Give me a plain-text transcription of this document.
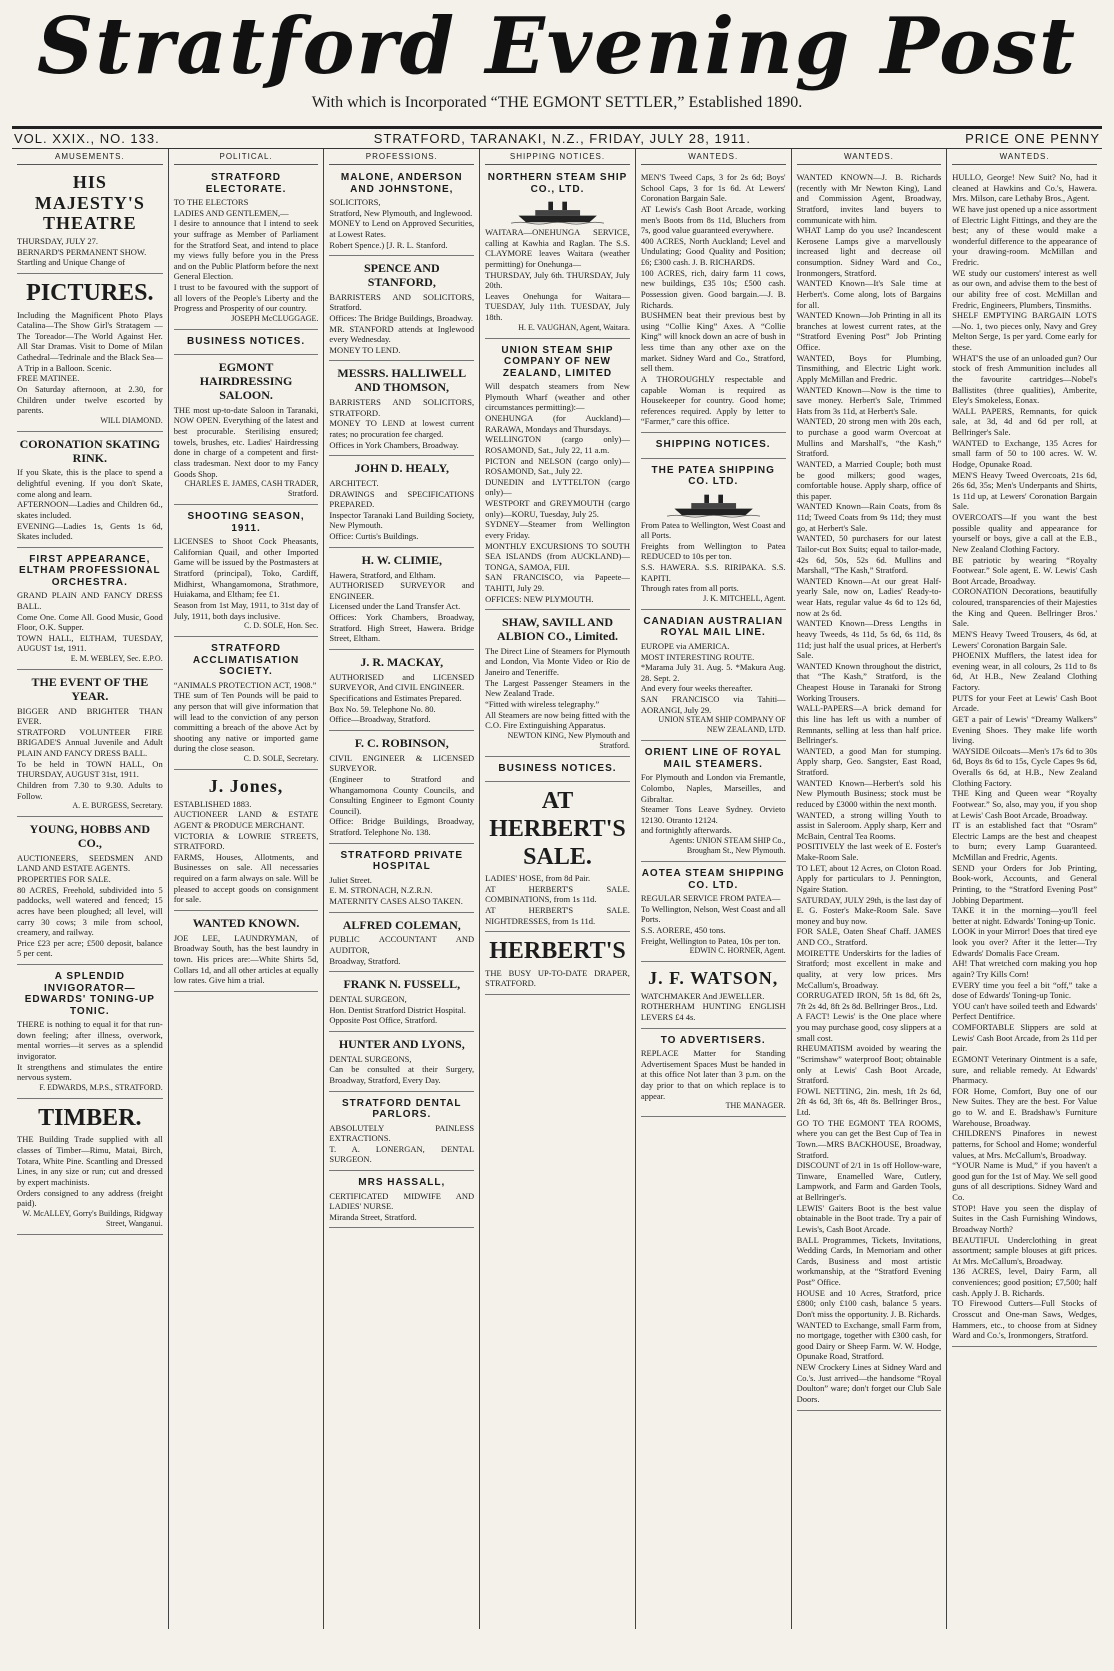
Stratford Evening Post
With which is Incorporated “THE EGMONT SETTLER,” Established 1890.
VOL. XXIX., NO. 133.	STRATFORD, TARANAKI, N.Z., FRIDAY, JULY 28, 1911.	PRICE ONE PENNY
AMUSEMENTS.
HIS MAJESTY'S THEATRE

THURSDAY, JULY 27.

BERNARD'S PERMANENT SHOW.

Startling and Unique Change of

PICTURES.

Including the Magnificent Photo Plays Catalina—The Show Girl's Stratagem —The Toreador—The World Against Her. All Star Dramas. Visit to Dome of Milan Cathedral—Tedrinale and the Black Sea—A Trip in a Balloon. Scenic.

FREE MATINEE.

On Saturday afternoon, at 2.30, for Children under twelve escorted by parents.

WILL DIAMOND.
CORONATION SKATING RINK.

If you Skate, this is the place to spend a delightful evening. If you don't Skate, come along and learn.

AFTERNOON—Ladies and Children 6d., skates included.

EVENING—Ladies 1s, Gents 1s 6d, Skates included.

FIRST APPEARANCE, ELTHAM PROFESSIONAL ORCHESTRA.

GRAND PLAIN AND FANCY DRESS BALL.

Come One. Come All. Good Music, Good Floor, O.K. Supper.

TOWN HALL, ELTHAM, TUESDAY, AUGUST 1st, 1911.

E. M. WEBLEY, Sec. E.P.O.
THE EVENT OF THE YEAR.

BIGGER AND BRIGHTER THAN EVER.

STRATFORD VOLUNTEER FIRE BRIGADE'S Annual Juvenile and Adult PLAIN AND FANCY DRESS BALL.

To be held in TOWN HALL, On THURSDAY, AUGUST 31st, 1911.

Children from 7.30 to 9.30. Adults to Follow.

A. E. BURGESS, Secretary.
YOUNG, HOBBS AND CO.,

AUCTIONEERS, SEEDSMEN AND LAND AND ESTATE AGENTS.

PROPERTIES FOR SALE.

80 ACRES, Freehold, subdivided into 5 paddocks, well watered and fenced; 15 acres have been ploughed; all level, will carry 30 cows; 3 mile from school, creamery, and railway.

Price £23 per acre; £500 deposit, balance 5 per cent.

A SPLENDID INVIGORATOR— EDWARDS' TONING-UP TONIC.

THERE is nothing to equal it for that run-down feeling; after illness, overwork, mental worries—it serves as a splendid invigorator.

It strengthens and stimulates the entire nervous system.

F. EDWARDS, M.P.S., STRATFORD.
TIMBER.

THE Building Trade supplied with all classes of Timber—Rimu, Matai, Birch, Totara, White Pine. Scantling and Dressed Lines, in any size or run; cut and dressed by expert machinists.

Orders consigned to any address (freight paid).

W. McALLEY, Gorry's Buildings, Ridgway Street, Wanganui.
POLITICAL.
STRATFORD ELECTORATE.

TO THE ELECTORS

LADIES AND GENTLEMEN,—

I desire to announce that I intend to seek your suffrage as Member of Parliament for the Stratford Seat, and intend to place my views fully before you in the Press and on the Public Platform before the next General Election.

I trust to be favoured with the support of all lovers of the People's Liberty and the Progress and Prosperity of our country.

JOSEPH McCLUGGAGE.
BUSINESS NOTICES.
EGMONT HAIRDRESSING SALOON.

THE most up-to-date Saloon in Taranaki, NOW OPEN. Everything of the latest and best procurable. Sterilising ensured; towels, brushes, etc. Ladies' Hairdressing done in charge of a competent and first-class tradesman. Next door to my Fancy Goods Shop.

CHARLES E. JAMES, CASH TRADER, Stratford.
SHOOTING SEASON, 1911.

LICENSES to Shoot Cock Pheasants, Californian Quail, and other Imported Game will be issued by the Postmasters at Stratford (principal), Toko, Cardiff, Midhirst, Whangamomona, Strathmore, Huiakama, and Eltham; fee £1.

Season from 1st May, 1911, to 31st day of July, 1911, both days inclusive.

C. D. SOLE, Hon. Sec.
STRATFORD ACCLIMATISATION SOCIETY.

“ANIMALS PROTECTION ACT, 1908.”

THE sum of Ten Pounds will be paid to any person that will give information that will lead to the conviction of any person committing a breach of the above Act by shooting any native or imported game during the close season.

C. D. SOLE, Secretary.
J. Jones,

ESTABLISHED 1883.

AUCTIONEER LAND & ESTATE AGENT & PRODUCE MERCHANT.

VICTORIA & LOWRIE STREETS, STRATFORD.

FARMS, Houses, Allotments, and Businesses on sale. All necessaries required on a farm always on sale. Will be pleased to accept goods on consignment for sale.

WANTED KNOWN.

JOE LEE, LAUNDRYMAN, of Broadway South, has the best laundry in town. His prices are:—White Shirts 5d, Collars 1d, and all other articles at equally low rates. Give him a trial.

PROFESSIONS.
MALONE, ANDERSON AND JOHNSTONE,

SOLICITORS,

Stratford, New Plymouth, and Inglewood.

MONEY to Lend on Approved Securities, at Lowest Rates.

Robert Spence.) [J. R. L. Stanford.

SPENCE AND STANFORD,

BARRISTERS AND SOLICITORS, Stratford.

Offices: The Bridge Buildings, Broadway.

MR. STANFORD attends at Inglewood every Wednesday.

MONEY TO LEND.

MESSRS. HALLIWELL AND THOMSON,

BARRISTERS AND SOLICITORS, STRATFORD.

MONEY TO LEND at lowest current rates; no procuration fee charged.

Offices in York Chambers, Broadway.

JOHN D. HEALY,

ARCHITECT.

DRAWINGS and SPECIFICATIONS PREPARED.

Inspector Taranaki Land Building Society, New Plymouth.

Office: Curtis's Buildings.

H. W. CLIMIE,

Hawera, Stratford, and Eltham.

AUTHORISED SURVEYOR and ENGINEER.

Licensed under the Land Transfer Act.

Offices: York Chambers, Broadway, Stratford. High Street, Hawera. Bridge Street, Eltham.

J. R. MACKAY,

AUTHORISED and LICENSED SURVEYOR, And CIVIL ENGINEER.

Specifications and Estimates Prepared.

Box No. 59. Telephone No. 80.

Office—Broadway, Stratford.

F. C. ROBINSON,

CIVIL ENGINEER & LICENSED SURVEYOR.

(Engineer to Stratford and Whangamomona County Councils, and Consulting Engineer to Egmont County Council).

Office: Bridge Buildings, Broadway, Stratford. Telephone No. 138.

STRATFORD PRIVATE HOSPITAL

Juliet Street.

E. M. STRONACH, N.Z.R.N.

MATERNITY CASES ALSO TAKEN.

ALFRED COLEMAN,

PUBLIC ACCOUNTANT AND AUDITOR,

Broadway, Stratford.

FRANK N. FUSSELL,

DENTAL SURGEON,

Hon. Dentist Stratford District Hospital.

Opposite Post Office, Stratford.

HUNTER AND LYONS,

DENTAL SURGEONS,

Can be consulted at their Surgery, Broadway, Stratford, Every Day.

STRATFORD DENTAL PARLORS.

ABSOLUTELY PAINLESS EXTRACTIONS.

T. A. LONERGAN, DENTAL SURGEON.

MRS HASSALL,

CERTIFICATED MIDWIFE AND LADIES' NURSE.

Miranda Street, Stratford.

SHIPPING NOTICES.
NORTHERN STEAM SHIP CO., LTD.

WAITARA—ONEHUNGA SERVICE, calling at Kawhia and Raglan. The S.S. CLAYMORE leaves Waitara (weather permitting) for Onehunga—

THURSDAY, July 6th. THURSDAY, July 20th.

Leaves Onehunga for Waitara—TUESDAY, July 11th. TUESDAY, July 18th.

H. E. VAUGHAN, Agent, Waitara.
UNION STEAM SHIP COMPANY OF NEW ZEALAND, LIMITED

Will despatch steamers from New Plymouth Wharf (weather and other circumstances permitting):—

ONEHUNGA (for Auckland)—RARAWA, Mondays and Thursdays.

WELLINGTON (cargo only)—ROSAMOND, Sat., July 22, 11 a.m.

PICTON and NELSON (cargo only)—ROSAMOND, Sat., July 22.

DUNEDIN and LYTTELTON (cargo only)—

WESTPORT and GREYMOUTH (cargo only)—KORU, Tuesday, July 25.

SYDNEY—Steamer from Wellington every Friday.

MONTHLY EXCURSIONS TO SOUTH SEA ISLANDS (from AUCKLAND)—TONGA, SAMOA, FIJI.

SAN FRANCISCO, via Papeete—TAHITI, July 29.

OFFICES: NEW PLYMOUTH.

SHAW, SAVILL AND ALBION CO., Limited.

The Direct Line of Steamers for Plymouth and London, Via Monte Video or Rio de Janeiro and Teneriffe.

The Largest Passenger Steamers in the New Zealand Trade.

“Fitted with wireless telegraphy.”

All Steamers are now being fitted with the C.O. Fire Extinguishing Apparatus.

NEWTON KING, New Plymouth and Stratford.
BUSINESS NOTICES.
AT HERBERT'S SALE.

LADIES' HOSE, from 8d Pair.

AT HERBERT'S SALE. COMBINATIONS, from 1s 11d.

AT HERBERT'S SALE. NIGHTDRESSES, from 1s 11d.

HERBERT'S

THE BUSY UP-TO-DATE DRAPER, STRATFORD.

WANTEDS.

MEN'S Tweed Caps, 3 for 2s 6d; Boys' School Caps, 3 for 1s 6d. At Lewers' Coronation Bargain Sale.

AT Lewis's Cash Boot Arcade, working men's Boots from 8s 11d, Bluchers from 7s, good value guaranteed everywhere.

400 ACRES, North Auckland; Level and Undulating; Good Quality and Position; £6; £300 cash. J. B. RICHARDS.

100 ACRES, rich, dairy farm 11 cows, new buildings, £35 10s; £500 cash. Possession given. Good bargain.—J. B. Richards.

BUSHMEN beat their previous best by using “Collie King” Axes. A “Collie King” will knock down an acre of bush in less time than any other axe on the market. Sidney Ward and Co., Stratford, sell them.

A THOROUGHLY respectable and capable Woman is required as Housekeeper for country. Good home; references required. Apply by letter to “Farmer,” care this office.

SHIPPING NOTICES.
THE PATEA SHIPPING CO. LTD.

From Patea to Wellington, West Coast and all Ports.

Freights from Wellington to Patea REDUCED to 10s per ton.

S.S. HAWERA. S.S. RIRIPAKA. S.S. KAPITI.

Through rates from all ports.

J. K. MITCHELL, Agent.
CANADIAN AUSTRALIAN ROYAL MAIL LINE.

EUROPE via AMERICA.

MOST INTERESTING ROUTE.

*Marama July 31. Aug. 5. *Makura Aug. 28. Sept. 2.

And every four weeks thereafter.

SAN FRANCISCO via Tahiti—AORANGI, July 29.

UNION STEAM SHIP COMPANY OF NEW ZEALAND, LTD.
ORIENT LINE OF ROYAL MAIL STEAMERS.

For Plymouth and London via Fremantle, Colombo, Naples, Marseilles, and Gibraltar.

Steamer Tons Leave Sydney. Orvieto 12130. Otranto 12124.

and fortnightly afterwards.

Agents: UNION STEAM SHIP Co., Brougham St., New Plymouth.
AOTEA STEAM SHIPPING CO. LTD.

REGULAR SERVICE FROM PATEA—

To Wellington, Nelson, West Coast and all Ports.

S.S. AORERE, 450 tons.

Freight, Wellington to Patea, 10s per ton.

EDWIN C. HORNER, Agent.
J. F. WATSON,

WATCHMAKER And JEWELLER.

ROTHERHAM HUNTING ENGLISH LEVERS £4 4s.

TO ADVERTISERS.

REPLACE Matter for Standing Advertisement Spaces Must be handed in at this office Not later than 3 p.m. on the day prior to that on which replace is to appear.

THE MANAGER.
WANTEDS.

WANTED KNOWN—J. B. Richards (recently with Mr Newton King), Land and Commission Agent, Broadway, Stratford, invites land buyers to communicate with him.

WHAT Lamp do you use? Incandescent Kerosene Lamps give a marvellously increased light and decrease oil consumption. Sidney Ward and Co., Ironmongers, Stratford.

WANTED Known—It's Sale time at Herbert's. Come along, lots of Bargains for all.

WANTED Known—Job Printing in all its branches at lowest current rates, at the “Stratford Evening Post” Job Printing Office.

WANTED, Boys for Plumbing, Tinsmithing, and Electric Light work. Apply McMillan and Fredric.

WANTED Known—Now is the time to save money. Herbert's Sale, Trimmed Hats from 3s 11d, at Herbert's Sale.

WANTED, 20 strong men with 20s each, to purchase a good warm Overcoat at Mullins and Marshall's, “the Kash,” Stratford.

WANTED, a Married Couple; both must be good milkers; good wages, comfortable house. Apply sharp, office of this paper.

WANTED Known—Rain Coats, from 8s 11d; Tweed Coats from 9s 11d; they must go, at Herbert's Sale.

WANTED, 50 purchasers for our latest Tailor-cut Box Suits; equal to tailor-made, 42s 6d, 50s, 52s 6d. Mullins and Marshall, “The Kash,” Stratford.

WANTED Known—At our great Half-yearly Sale, now on, Ladies' Ready-to-wear Hats, regular value 4s 6d to 12s 6d, now at 2s 6d.

WANTED Known—Dress Lengths in heavy Tweeds, 4s 11d, 5s 6d, 6s 11d, 8s 11d; just half the usual prices, at Herbert's Sale.

WANTED Known throughout the district, that “The Kash,” Stratford, is the Cheapest House in Taranaki for Strong Working Trousers.

WALL-PAPERS—A brick demand for this line has left us with a number of Remnants, selling at less than half price. Bellringer's.

WANTED, a good Man for stumping. Apply sharp, Geo. Sangster, East Road, Stratford.

WANTED Known—Herbert's sold his New Plymouth Business; stock must be reduced by £3000 within the next month.

WANTED, a strong willing Youth to assist in Saleroom. Apply sharp, Kerr and McBain, Central Tea Rooms.

POSITIVELY the last week of E. Foster's Make-Room Sale.

TO LET, about 12 Acres, on Cloton Road. Apply for particulars to J. Pennington, Ngaire Station.

SATURDAY, JULY 29th, is the last day of E. G. Foster's Make-Room Sale. Save money and buy now.

FOR SALE, Oaten Sheaf Chaff. JAMES AND CO., Stratford.

MOIRETTE Underskirts for the ladies of Stratford; most excellent in make and quality, at very low prices. Mrs McCallum's, Broadway.

CORRUGATED IRON, 5ft 1s 8d, 6ft 2s, 7ft 2s 4d, 8ft 2s 8d. Bellringer Bros., Ltd.

A FACT! Lewis' is the One place where you may purchase good, cosy slippers at a small cost.

RHEUMATISM avoided by wearing the “Scrimshaw” waterproof Boot; obtainable only at Lewis' Cash Boot Arcade, Stratford.

FOWL NETTING, 2in. mesh, 1ft 2s 6d, 2ft 4s 6d, 3ft 6s, 4ft 8s. Bellringer Bros., Ltd.

GO TO THE EGMONT TEA ROOMS, where you can get the Best Cup of Tea in Town.—MRS BACKHOUSE, Broadway, Stratford.

DISCOUNT of 2/1 in 1s off Hollow-ware, Tinware, Enamelled Ware, Cutlery, Lampwork, and Farm and Garden Tools, at Bellringer's.

LEWIS' Gaiters Boot is the best value obtainable in the Boot trade. Try a pair of Lewis's, Cash Boot Arcade.

BALL Programmes, Tickets, Invitations, Wedding Cards, In Memoriam and other Cards, Business and most artistic workmanship, at the “Stratford Evening Post” Office.

HOUSE and 10 Acres, Stratford, price £800; only £100 cash, balance 5 years. Don't miss the opportunity. J. B. Richards.

WANTED to Exchange, small Farm from, no mortgage, together with £300 cash, for good Dairy or Sheep Farm. W. W. Hodge, Opunake Road, Stratford.

NEW Crockery Lines at Sidney Ward and Co.'s. Just arrived—the handsome “Royal Doulton” ware; don't forget our Club Sale Doors.

WANTEDS.

HULLO, George! New Suit? No, had it cleaned at Hawkins and Co.'s, Hawera. Mrs. Milson, care Lethaby Bros., Agent.

WE have just opened up a nice assortment of Electric Light Fittings, and they are the best; any of these would make a wonderful difference to the appearance of your drawing-room. McMillan and Fredric.

WE study our customers' interest as well as our own, and advise them to the best of our ability free of cost. McMillan and Fredric, Engineers, Plumbers, Tinsmiths.

SHELF EMPTYING BARGAIN LOTS—No. 1, two pieces only, Navy and Grey Melton Serge, 1s per yard. Come early for these.

WHAT'S the use of an unloaded gun? Our stock of fresh Ammunition includes all the favourite cartridges—Nobel's Ballistites (three qualities), Amberite, Eley's Smokeless, Eonax.

WALL PAPERS, Remnants, for quick sale, at 3d, 4d and 6d per roll, at Bellringer's Sale.

WANTED to Exchange, 135 Acres for small farm of 50 to 100 acres. W. W. Hodge, Opunake Road.

MEN'S Heavy Tweed Overcoats, 21s 6d, 26s 6d, 35s; Men's Underpants and Shirts, 1s 11d up, at Lewers' Coronation Bargain Sale.

OVERCOATS—If you want the best possible quality and appearance for yourself or boys, give a call at the E.B., New Zealand Clothing Factory.

BE patriotic by wearing “Royalty Footwear.” Sole agent, E. W. Lewis' Cash Boot Arcade, Broadway.

CORONATION Decorations, beautifully coloured, transparencies of their Majesties the King and Queen. Bellringer Bros.' Sale.

MEN'S Heavy Tweed Trousers, 4s 6d, at Lewers' Coronation Bargain Sale.

PHOENIX Mufflers, the latest idea for evening wear, in all colours, 2s 11d to 8s 6d, At H.B., New Zealand Clothing Factory.

PUTS for your Feet at Lewis' Cash Boot Arcade.

GET a pair of Lewis' “Dreamy Walkers” Evening Shoes. They make life worth living.

WAYSIDE Oilcoats—Men's 17s 6d to 30s 6d, Boys 8s 6d to 15s, Cycle Capes 9s 6d, Overalls 6s 6d, at H.B., New Zealand Clothing Factory.

THE King and Queen wear “Royalty Footwear.” So, also, may you, if you shop at Lewis' Cash Boot Arcade, Broadway.

IT is an established fact that “Osram” Electric Lamps are the best and cheapest to burn; every Lamp Guaranteed. McMillan and Fredric, Agents.

SEND your Orders for Job Printing, Book-work, Accounts, and General Printing, to the “Stratford Evening Post” Jobbing Department.

TAKE it in the morning—you'll feel better at night. Edwards' Toning-up Tonic.

LOOK in your Mirror! Does that tired eye look you over? After it the letter—Try Edwards' Domalis Face Cream.

AH! That wretched corn making you hop again? Try Kills Corn!

EVERY time you feel a bit “off,” take a dose of Edwards' Toning-up Tonic.

YOU can't have soiled teeth and Edwards' Perfect Dentifrice.

COMFORTABLE Slippers are sold at Lewis' Cash Boot Arcade, from 2s 11d per pair.

EGMONT Veterinary Ointment is a safe, sure, and reliable remedy. At Edwards' Pharmacy.

FOR Home, Comfort, Buy one of our New Suites. They are the best. For Value go to W. and E. Bradshaw's Furniture Warehouse, Broadway.

CHILDREN'S Pinafores in newest patterns, for School and Home; wonderful values, at Mrs. McCallum's, Broadway.

“YOUR Name is Mud,” if you haven't a good gun for the 1st of May. We sell good guns of all descriptions. Sidney Ward and Co.

STOP! Have you seen the display of Suites in the Cash Furnishing Windows, Broadway North?

BEAUTIFUL Underclothing in great assortment; sample blouses at gift prices. At Mrs. McCallum's, Broadway.

136 ACRES, level, Dairy Farm, all conveniences; good position; £7,500; half cash. Apply J. B. Richards.

TO Firewood Cutters—Full Stocks of Crosscut and One-man Saws, Wedges, Hammers, etc., to choose from at Sidney Ward and Co.'s, Ironmongers, Stratford.
